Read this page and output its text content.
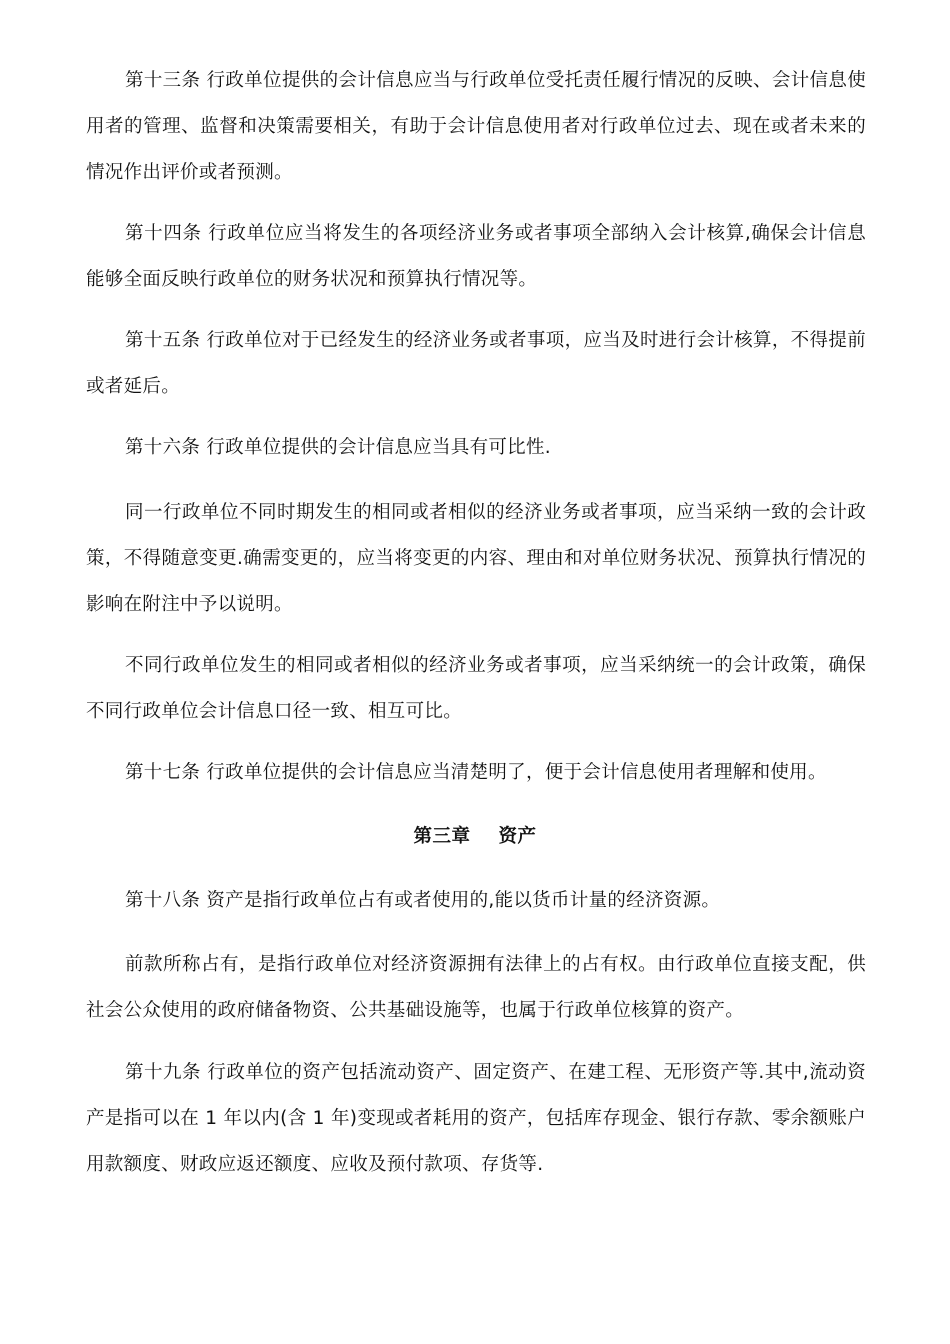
第十三条 行政单位提供的会计信息应当与行政单位受托责任履行情况的反映、会计信息使用者的管理、监督和决策需要相关，有助于会计信息使用者对行政单位过去、现在或者未来的情况作出评价或者预测。

第十四条 行政单位应当将发生的各项经济业务或者事项全部纳入会计核算,确保会计信息能够全面反映行政单位的财务状况和预算执行情况等。

第十五条 行政单位对于已经发生的经济业务或者事项，应当及时进行会计核算，不得提前或者延后。

第十六条 行政单位提供的会计信息应当具有可比性.

同一行政单位不同时期发生的相同或者相似的经济业务或者事项，应当采纳一致的会计政策，不得随意变更.确需变更的，应当将变更的内容、理由和对单位财务状况、预算执行情况的影响在附注中予以说明。

不同行政单位发生的相同或者相似的经济业务或者事项，应当采纳统一的会计政策，确保不同行政单位会计信息口径一致、相互可比。

第十七条 行政单位提供的会计信息应当清楚明了，便于会计信息使用者理解和使用。

第三章 资产

第十八条 资产是指行政单位占有或者使用的,能以货币计量的经济资源。

前款所称占有，是指行政单位对经济资源拥有法律上的占有权。由行政单位直接支配，供社会公众使用的政府储备物资、公共基础设施等，也属于行政单位核算的资产。

第十九条 行政单位的资产包括流动资产、固定资产、在建工程、无形资产等.其中,流动资产是指可以在 1 年以内(含 1 年)变现或者耗用的资产，包括库存现金、银行存款、零余额账户用款额度、财政应返还额度、应收及预付款项、存货等.
